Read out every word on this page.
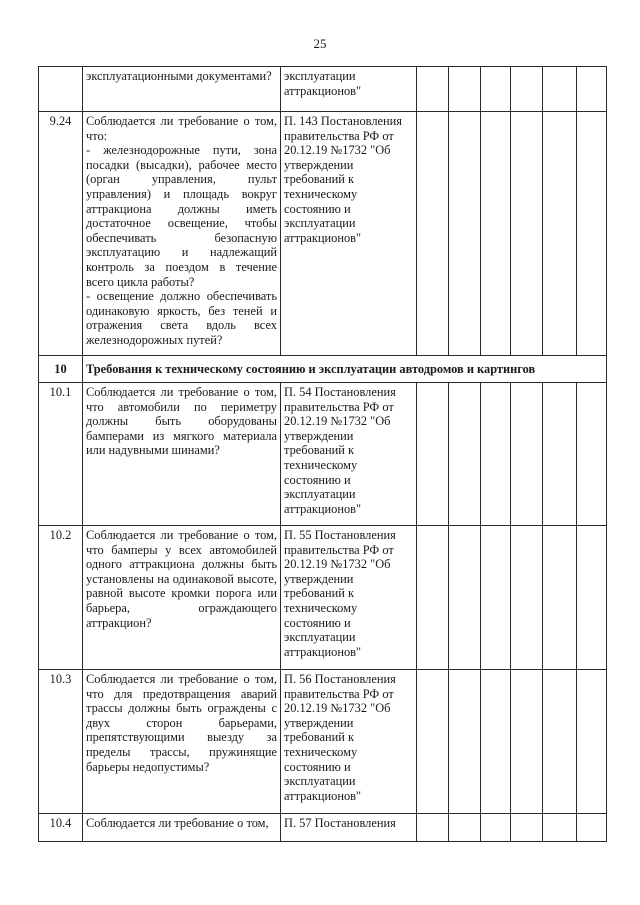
25

	эксплуатационными документами?	эксплуатации аттракционов"						
9.24	Соблюдается ли требование о том, что:
- железнодорожные пути, зона посадки (высадки), рабочее место (орган управления, пульт управления) и площадь вокруг аттракциона должны иметь достаточное освещение, чтобы обеспечивать безопасную эксплуатацию и надлежащий контроль за поездом в течение всего цикла работы?
- освещение должно обеспечивать одинаковую яркость, без теней и отражения света вдоль всех железнодорожных путей?	П. 143 Постановления правительства РФ от 20.12.19 №1732 "Об утверждении требований к техническому состоянию и эксплуатации аттракционов"						
10	Требования к техническому состоянию и эксплуатации автодромов и картингов							
10.1	Соблюдается ли требование о том, что автомобили по периметру должны быть оборудованы бамперами из мягкого материала или надувными шинами?	П. 54 Постановления правительства РФ от 20.12.19 №1732 "Об утверждении требований к техническому состоянию и эксплуатации аттракционов"						
10.2	Соблюдается ли требование о том, что бамперы у всех автомобилей одного аттракциона должны быть установлены на одинаковой высоте, равной высоте кромки порога или барьера, ограждающего аттракцион?	П. 55 Постановления правительства РФ от 20.12.19 №1732 "Об утверждении требований к техническому состоянию и эксплуатации аттракционов"						
10.3	Соблюдается ли требование о том, что для предотвращения аварий трассы должны быть ограждены с двух сторон барьерами, препятствующими выезду за пределы трассы, пружинящие барьеры недопустимы?	П. 56 Постановления правительства РФ от 20.12.19 №1732 "Об утверждении требований к техническому состоянию и эксплуатации аттракционов"						
10.4	Соблюдается ли требование о том,	П. 57 Постановления						
